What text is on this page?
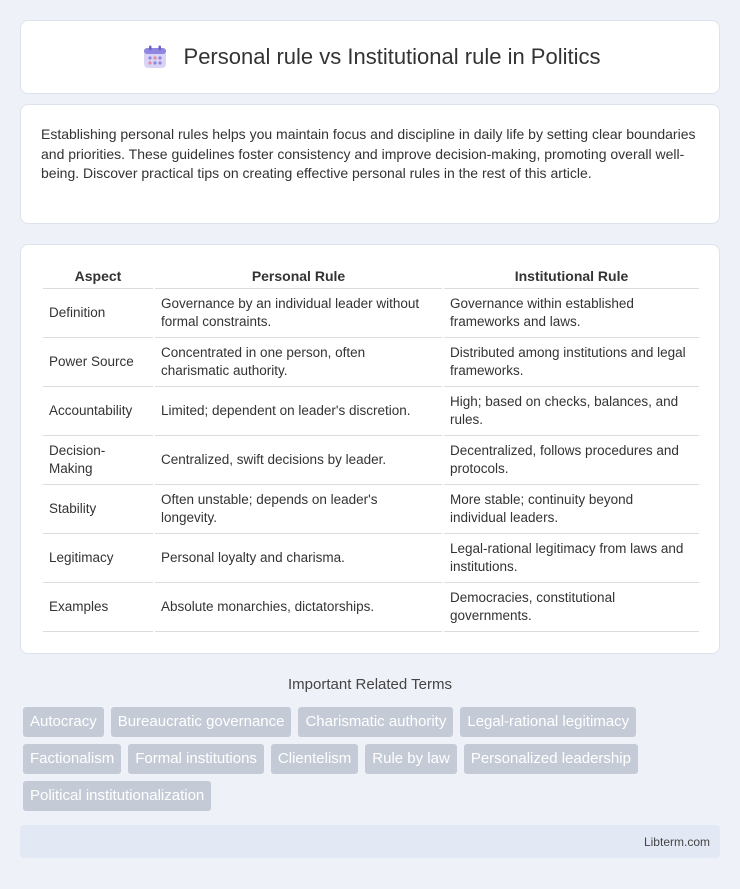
Personal rule vs Institutional rule in Politics

Establishing personal rules helps you maintain focus and discipline in daily life by setting clear boundaries and priorities. These guidelines foster consistency and improve decision-making, promoting overall well-being. Discover practical tips on creating effective personal rules in the rest of this article.

Aspect	Personal Rule	Institutional Rule
Definition	Governance by an individual leader without formal constraints.	Governance within established frameworks and laws.
Power Source	Concentrated in one person, often charismatic authority.	Distributed among institutions and legal frameworks.
Accountability	Limited; dependent on leader's discretion.	High; based on checks, balances, and rules.
Decision-Making	Centralized, swift decisions by leader.	Decentralized, follows procedures and protocols.
Stability	Often unstable; depends on leader's longevity.	More stable; continuity beyond individual leaders.
Legitimacy	Personal loyalty and charisma.	Legal-rational legitimacy from laws and institutions.
Examples	Absolute monarchies, dictatorships.	Democracies, constitutional governments.
Important Related Terms
Autocracy	Bureaucratic governance	Charismatic authority	Legal-rational legitimacy
Factionalism	Formal institutions	Clientelism	Rule by law	Personalized leadership
Political institutionalization
Libterm.com
